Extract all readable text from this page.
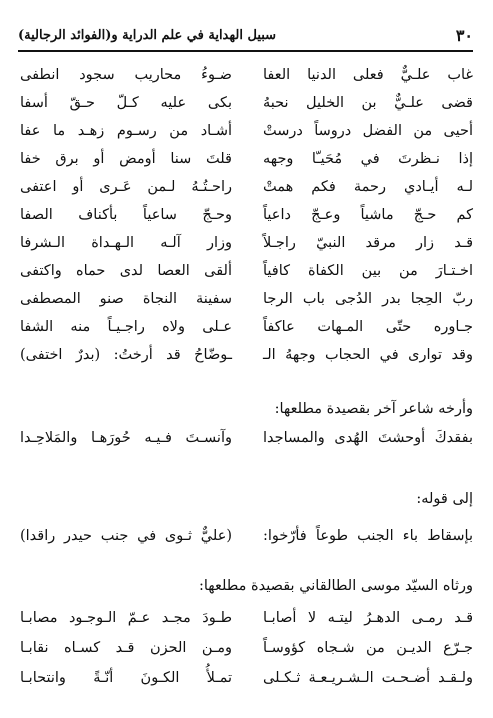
٣٠
سبيل الهداية في علم الدراية و(الفوائد الرجالية)
غاب علـيٌّ فعلى الدنيا العفا
ضـوءُ محاريب سجود انطفى
قضى علـيٌّ بن الخليل نحبهُ
بكى عليه كـلّ حـقّ أسفا
أحيى من الفضل دروساً درستْ
أشـاد من رسـوم زهـد ما عفا
إذا نـظرتَ في مُحَيـّا وجهه
قلتَ سنا أومض أو برق خفا
لـه أيـادي رحمة فكم همتْ
راحـتُـهُ لـمن عَـرى أو اعتفى
كم حـجّ ماشياً وعـجّ داعياً
وحـجّ ساعياً بأكناف الصفا
قـد زار مرقد النبيّ راجـلاً
وزار آلـه الـهـداة الـشرفا
اخـتـارَ من بين الكفاة كافياً
ألقى العصا لدى حماه واكتفى
ربّ الحِجا بدر الدُجى باب الرجا
سفينة النجاة صنو المصطفى
جـاوره حتّى المـهات عاكفاً
عـلى ولاه راجـيـاً منه الشفا
وقد توارى في الحجاب وجههُ الـ
ـوضّاحُ قد أرختُ: (بدرٌ اختفى)
وأرخه شاعر آخر بقصيدة مطلعها:
بفقدكَ أوحشتَ الهُدى والمساجدا
وآنسـتَ فـيـه حُورَهـا والمَلاحِـدا
إلى قوله:
بإسقاط باء الجنب طوعاً فأرّخوا:
(عليٌّ ثـوى في جنب حيدر راقدا)
ورثاه السيّد موسى الطالقاني بقصيدة مطلعها:
قـد رمـى الدهـرُ ليتـه لا أصابـا
طـودَ مجـد عـمّ الـوجـود مصابـا
جـرّع الديـن من شـجاه كؤوسـاً
ومـن الحزن قـد كسـاه نقابـا
ولـقـد أضـحـت الـشـريـعـة ثـكـلى
تمـلأُ الكـونَ أنّـةً وانتحابـا
